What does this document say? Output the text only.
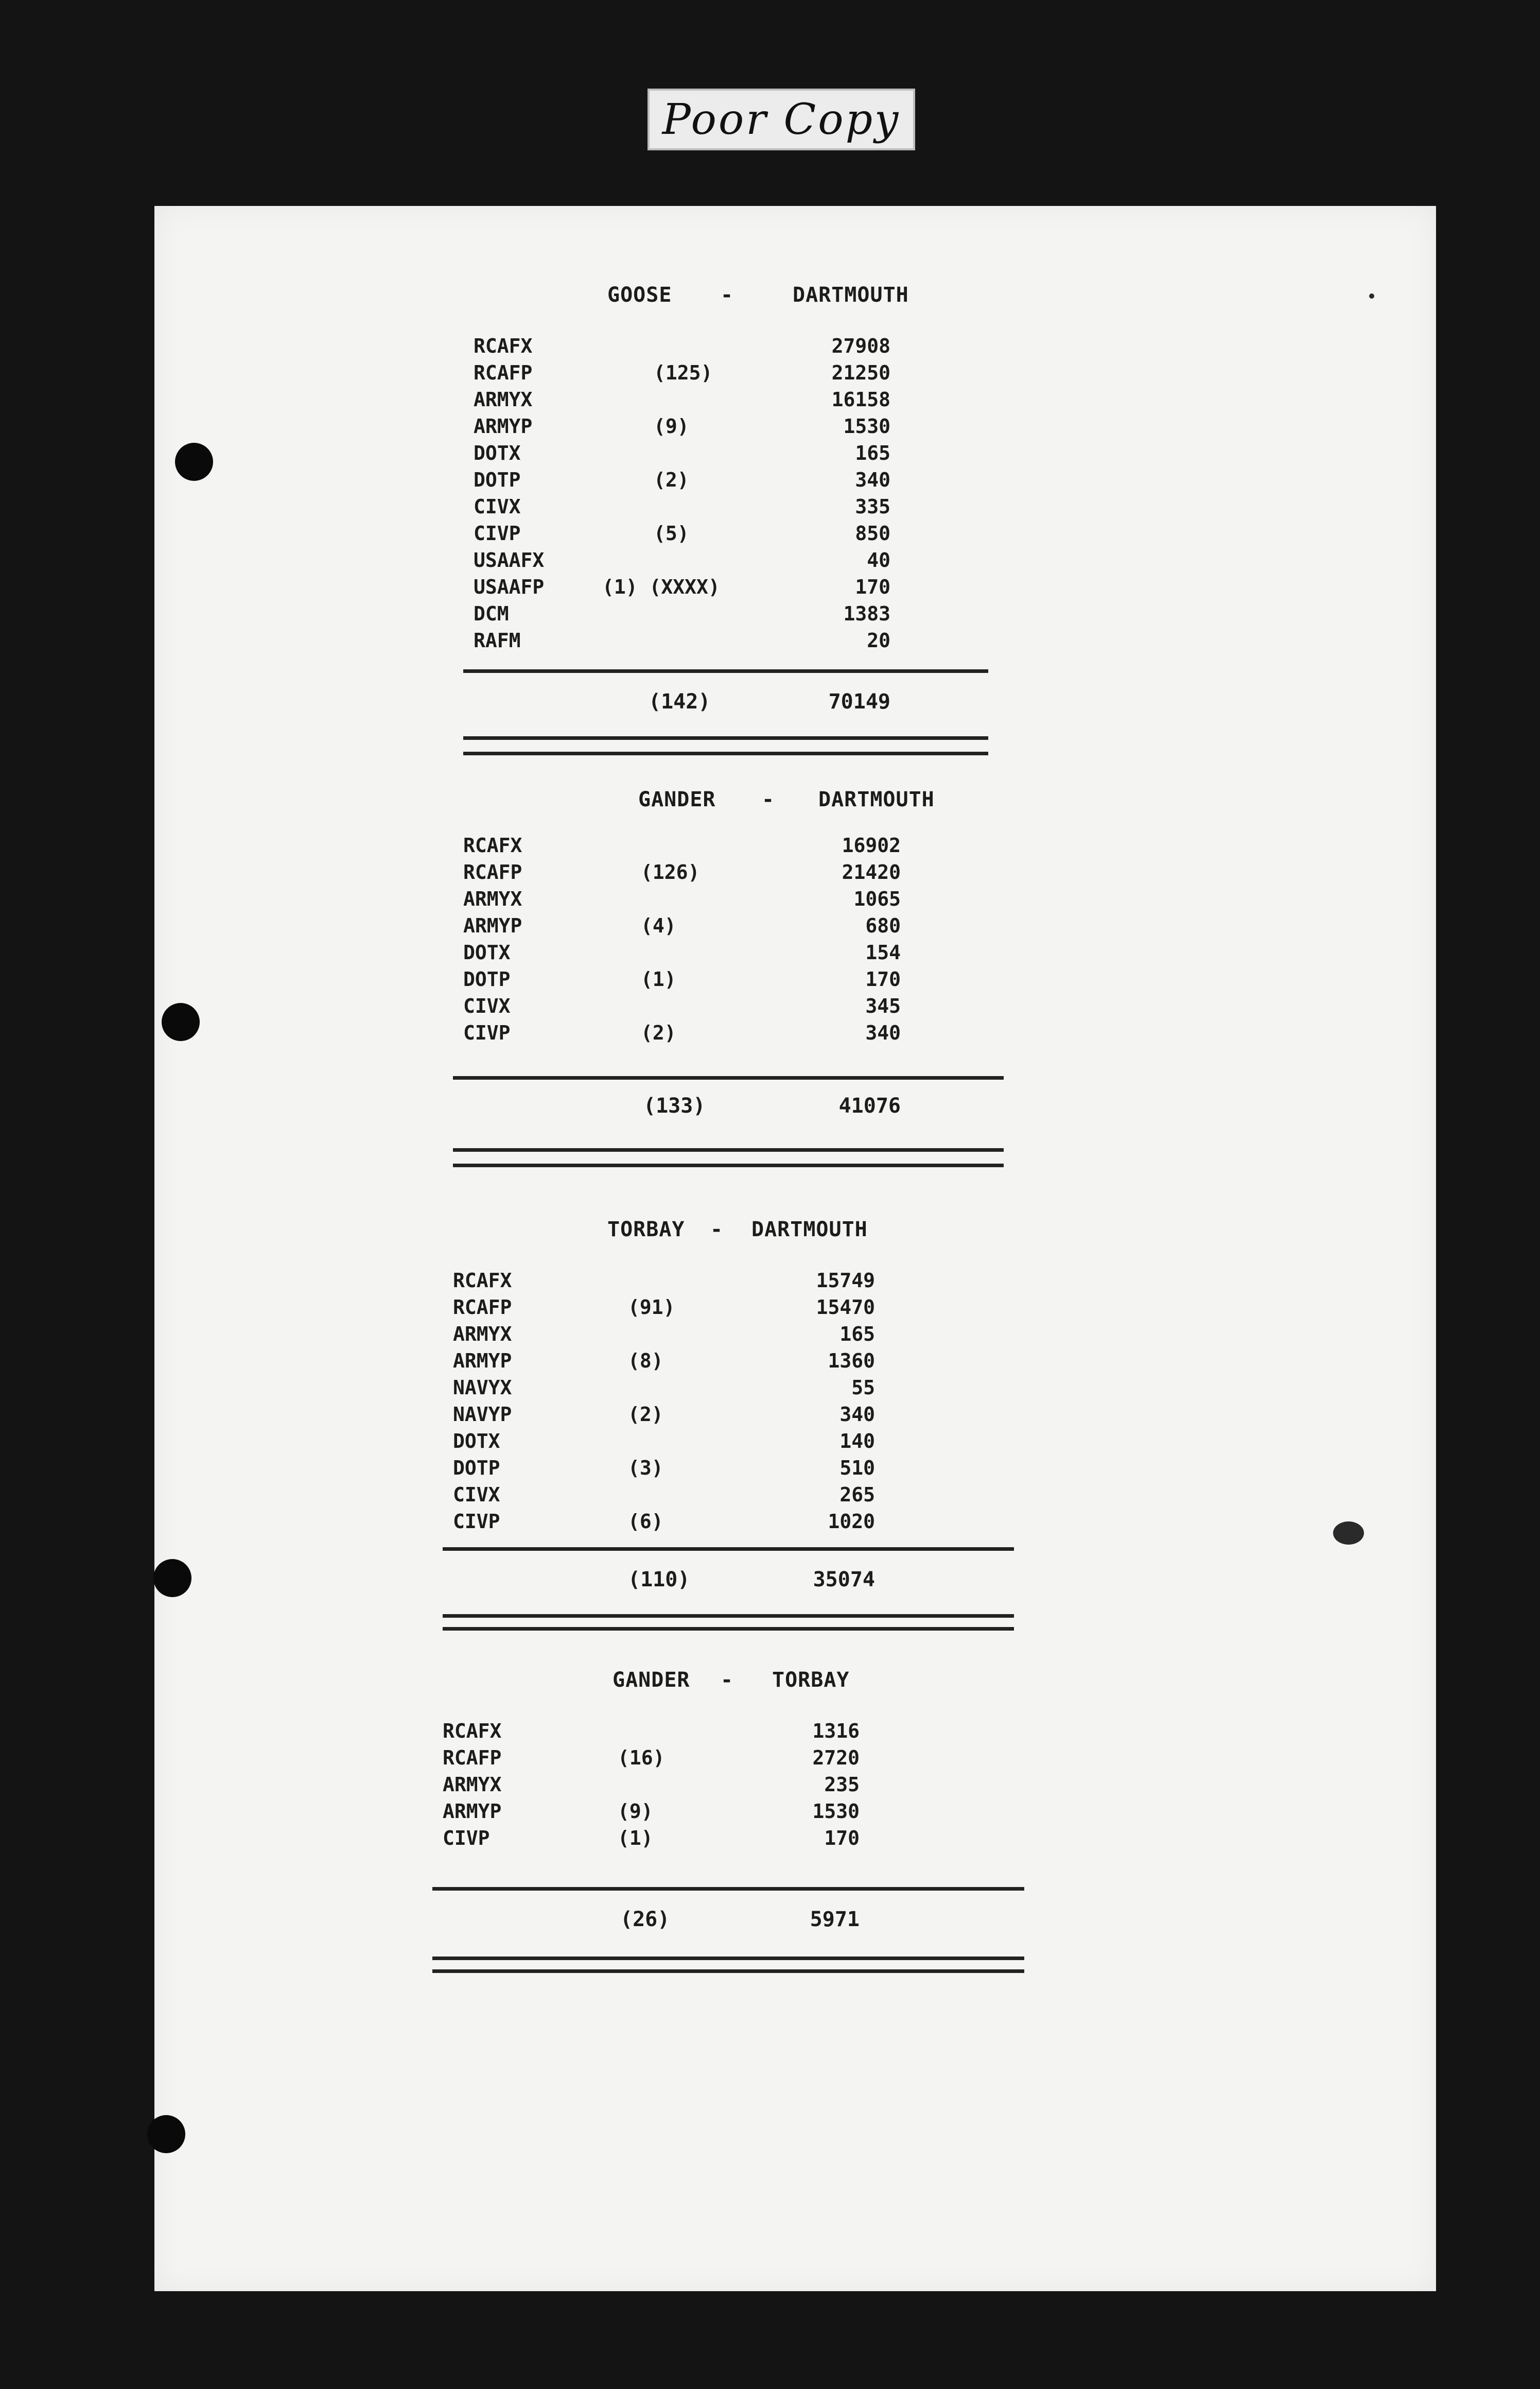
Poor Copy
GOOSE -	DARTMOUTH
RCAFX	27908
RCAFP	(125)	21250
ARMYX	16158
ARMYP	(9)	1530
DOTX	165
DOTP	(2)	340
CIVX	335
CIVP	(5)	850
USAAFX	40
USAAFP	(1) (XXXX)	170
DCM	1383
RAFM	20
(142)	70149
GANDER - DARTMOUTH
RCAFX	16902
RCAFP	(126)	21420
ARMYX	1065
ARMYP	(4)	680
DOTX	154
DOTP	(1)	170
CIVX	345
CIVP	(2)	340
(133)	41076
TORBAY - DARTMOUTH
RCAFX	15749
RCAFP	(91)	15470
ARMYX	165
ARMYP	(8)	1360
NAVYX	55
NAVYP	(2)	340
DOTX	140
DOTP	(3)	510
CIVX	265
CIVP	(6)	1020
(110)	35074
GANDER - TORBAY
RCAFX	1316
RCAFP	(16)	2720
ARMYX	235
ARMYP	(9)	1530
CIVP	(1)	170
(26)	5971
